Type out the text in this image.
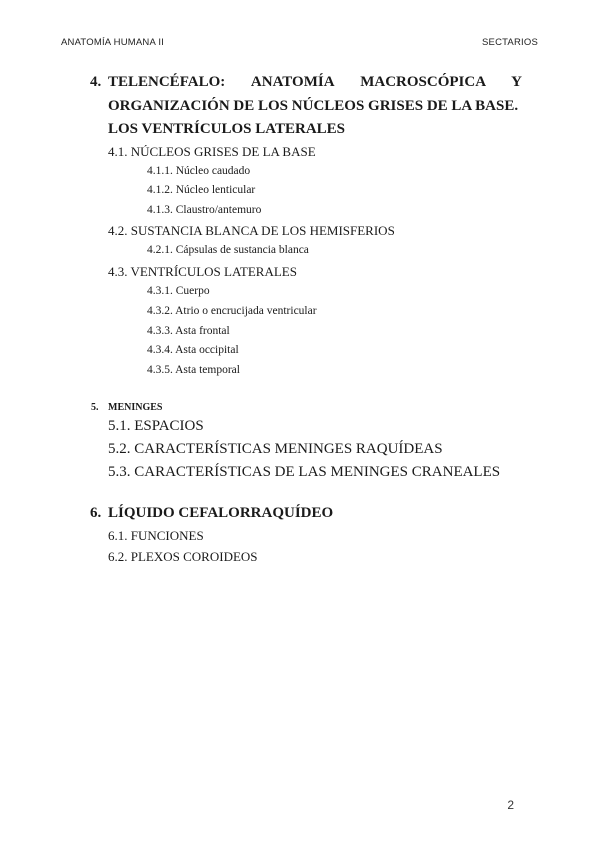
ANATOMÍA HUMANA II	SECTARIOS
4. TELENCÉFALO: ANATOMÍA MACROSCÓPICA Y
ORGANIZACIÓN DE LOS NÚCLEOS GRISES DE LA BASE.
LOS VENTRÍCULOS LATERALES
4.1. NÚCLEOS GRISES DE LA BASE
4.1.1. Núcleo caudado
4.1.2. Núcleo lenticular
4.1.3. Claustro/antemuro
4.2. SUSTANCIA BLANCA DE LOS HEMISFERIOS
4.2.1. Cápsulas de sustancia blanca
4.3. VENTRÍCULOS LATERALES
4.3.1. Cuerpo
4.3.2. Atrio o encrucijada ventricular
4.3.3. Asta frontal
4.3.4. Asta occipital
4.3.5. Asta temporal
5. MENINGES
5.1. ESPACIOS
5.2. CARACTERÍSTICAS MENINGES RAQUÍDEAS
5.3. CARACTERÍSTICAS DE LAS MENINGES CRANEALES
6. LÍQUIDO CEFALORRAQUÍDEO
6.1. FUNCIONES
6.2. PLEXOS COROIDEOS
2
